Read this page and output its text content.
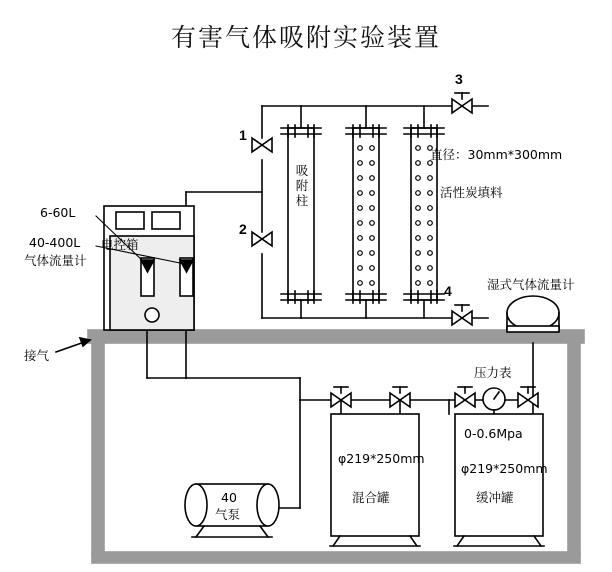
有害气体吸附实验装置
1
2
3
4
吸附柱
直径：30mm*300mm
活性炭填料
湿式气体流量计
6-60L
40-400L 电控箱
气体流量计
接气
压力表
0-0.6Mpa
φ219*250mm
混合罐
φ219*250mm
缓冲罐
40
气泵
